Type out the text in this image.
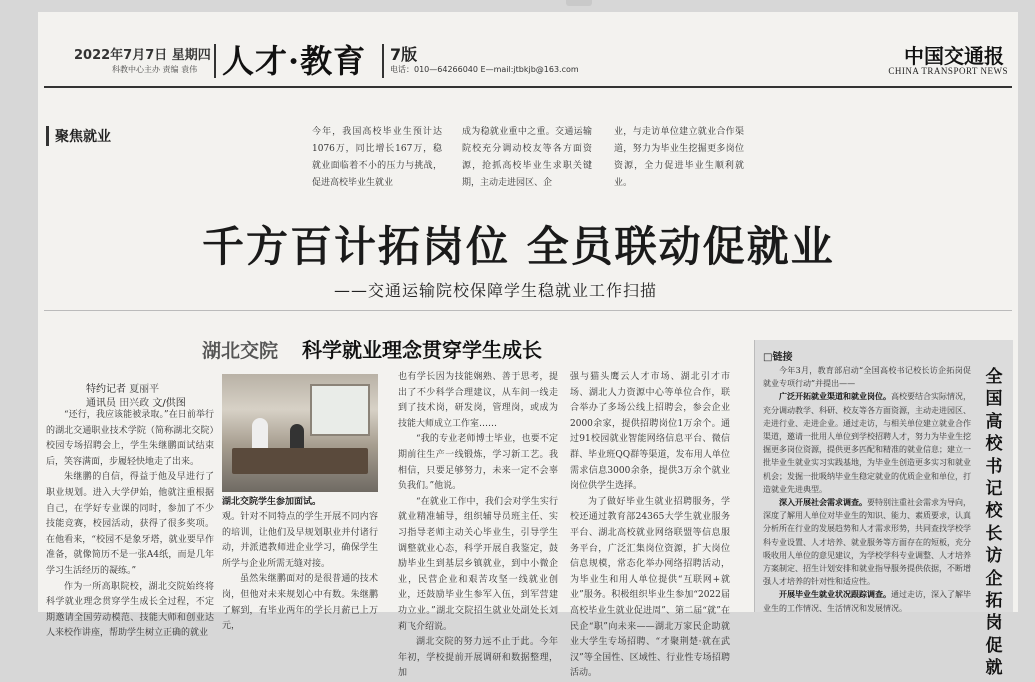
2022年7月7日 星期四
科教中心主办 责编 袁伟 人才·教育 7版
电话：010—64266040 E—mail:jtbkjb@163.com
中国交通报
CHINA TRANSPORT NEWS
聚焦就业	今年，我国高校毕业生预计达1076万，同比增长167万，稳就业面临着不小的压力与挑战，促进高校毕业生就业
成为稳就业重中之重。交通运输院校充分调动校友等各方面资源，抢抓高校毕业生求职关键期，主动走进园区、企
业，与走访单位建立就业合作渠道，努力为毕业生挖掘更多岗位资源，全力促进毕业生顺利就业。
千方百计拓岗位 全员联动促就业
——交通运输院校保障学生稳就业工作扫描
湖北交院 科学就业理念贯穿学生成长
特约记者 夏丽平
通讯员 田兴政 文/供图

“还行，我应该能被录取。”在日前举行的湖北交通职业技术学院（简称湖北交院）校园专场招聘会上，学生朱继鹏面试结束后，笑容满面，步履轻快地走了出来。

朱继鹏的自信，得益于他及早进行了职业规划。进入大学伊始，他就注重根据自己，在学好专业课的同时，参加了不少技能竞赛，校园活动，获得了很多奖项。在他看来，“校园不是象牙塔，就业要早作准备，就像简历不是一张A4纸，而是几年学习生活经历的凝练。”

作为一所高职院校，湖北交院始终将科学就业理念贯穿学生成长全过程，不定期邀请全国劳动模范、技能大师和创业达人来校作讲座，帮助学生树立正确的就业

湖北交院学生参加面试。

观。针对不同特点的学生开展不同内容的培训，让他们及早规划职业并付诸行动，并派遣教师进企业学习，确保学生所学与企业所需无缝对接。

虽然朱继鹏面对的是很普通的技术岗，但他对未来规划心中有数。朱继鹏了解到，有毕业两年的学长月薪已上万元，

也有学长因为技能娴熟、善于思考，提出了不少科学合理建议，从车间一线走到了技术岗，研发岗，管理岗，或成为技能大师成立工作室……

“我的专业老师博士毕业，也要不定期前往生产一线锻炼，学习新工艺。我相信，只要足够努力，未来一定不会辜负我们。”他说。

“在就业工作中，我们会对学生实行就业精准辅导，组织辅导员班主任、实习指导老师主动关心毕业生，引导学生调整就业心态，科学开展自我鉴定，鼓励毕业生到基层乡镇就业，到中小微企业，民营企业和艰苦攻坚一线就业创业，还鼓励毕业生参军入伍，到军营建功立业。”湖北交院招生就业处副处长刘莉飞介绍说。

湖北交院的努力远不止于此。今年年初，学校提前开展调研和数据整理，加

强与猫头鹰云人才市场、湖北引才市场、湖北人力资源中心等单位合作，联合举办了多场公线上招聘会，参会企业2000余家，提供招聘岗位1万余个。通过91校园就业智能网络信息平台、微信群、毕业班QQ群等渠道，发布用人单位需求信息3000余条，提供3万余个就业岗位供学生选择。

为了做好毕业生就业招聘服务，学校还通过教育部24365大学生就业服务平台、湖北高校就业网络联盟等信息服务平台，广泛汇集岗位资源，扩大岗位信息规模，常态化举办网络招聘活动，为毕业生和用人单位提供“互联网+就业”服务。积极组织毕业生参加“2022届高校毕业生就业促进周”、第二届“就”在民企“职”向未来——湖北万家民企助就业大学生专场招聘、“才聚荆楚·就在武汉”等全国性、区域性、行业性专场招聘活动。

□链接

今年3月，教育部启动“全国高校书记校长访企拓岗促就业专项行动”并提出——

广泛开拓就业渠道和就业岗位。高校要结合实际情况，充分调动教学、科研、校友等各方面资源，主动走进园区、走进行业、走进企业。通过走访，与相关单位建立就业合作渠道，邀请一批用人单位到学校招聘人才，努力为毕业生挖掘更多岗位资源，提供更多匹配和精准的就业信息；建立一批毕业生就业实习实践基地，为毕业生创造更多实习和就业机会；发掘一批吸纳毕业生稳定就业的优质企业和单位，打造就业先进典型。

深入开展社会需求调查。要特别注重社会需求为导向，深度了解用人单位对毕业生的知识、能力、素质要求，认真分析所在行业的发展趋势和人才需求形势，共同查找学校学科专业设置、人才培养、就业服务等方面存在的短板，充分吸收用人单位的意见建议，为学校学科专业调整、人才培养方案制定、招生计划安排和就业指导服务提供依据，不断增强人才培养的针对性和适应性。

开展毕业生就业状况跟踪调查。通过走访，深入了解毕业生的工作情况、生活情况和发展情况。

全国高校书记校长访企拓岗促就
